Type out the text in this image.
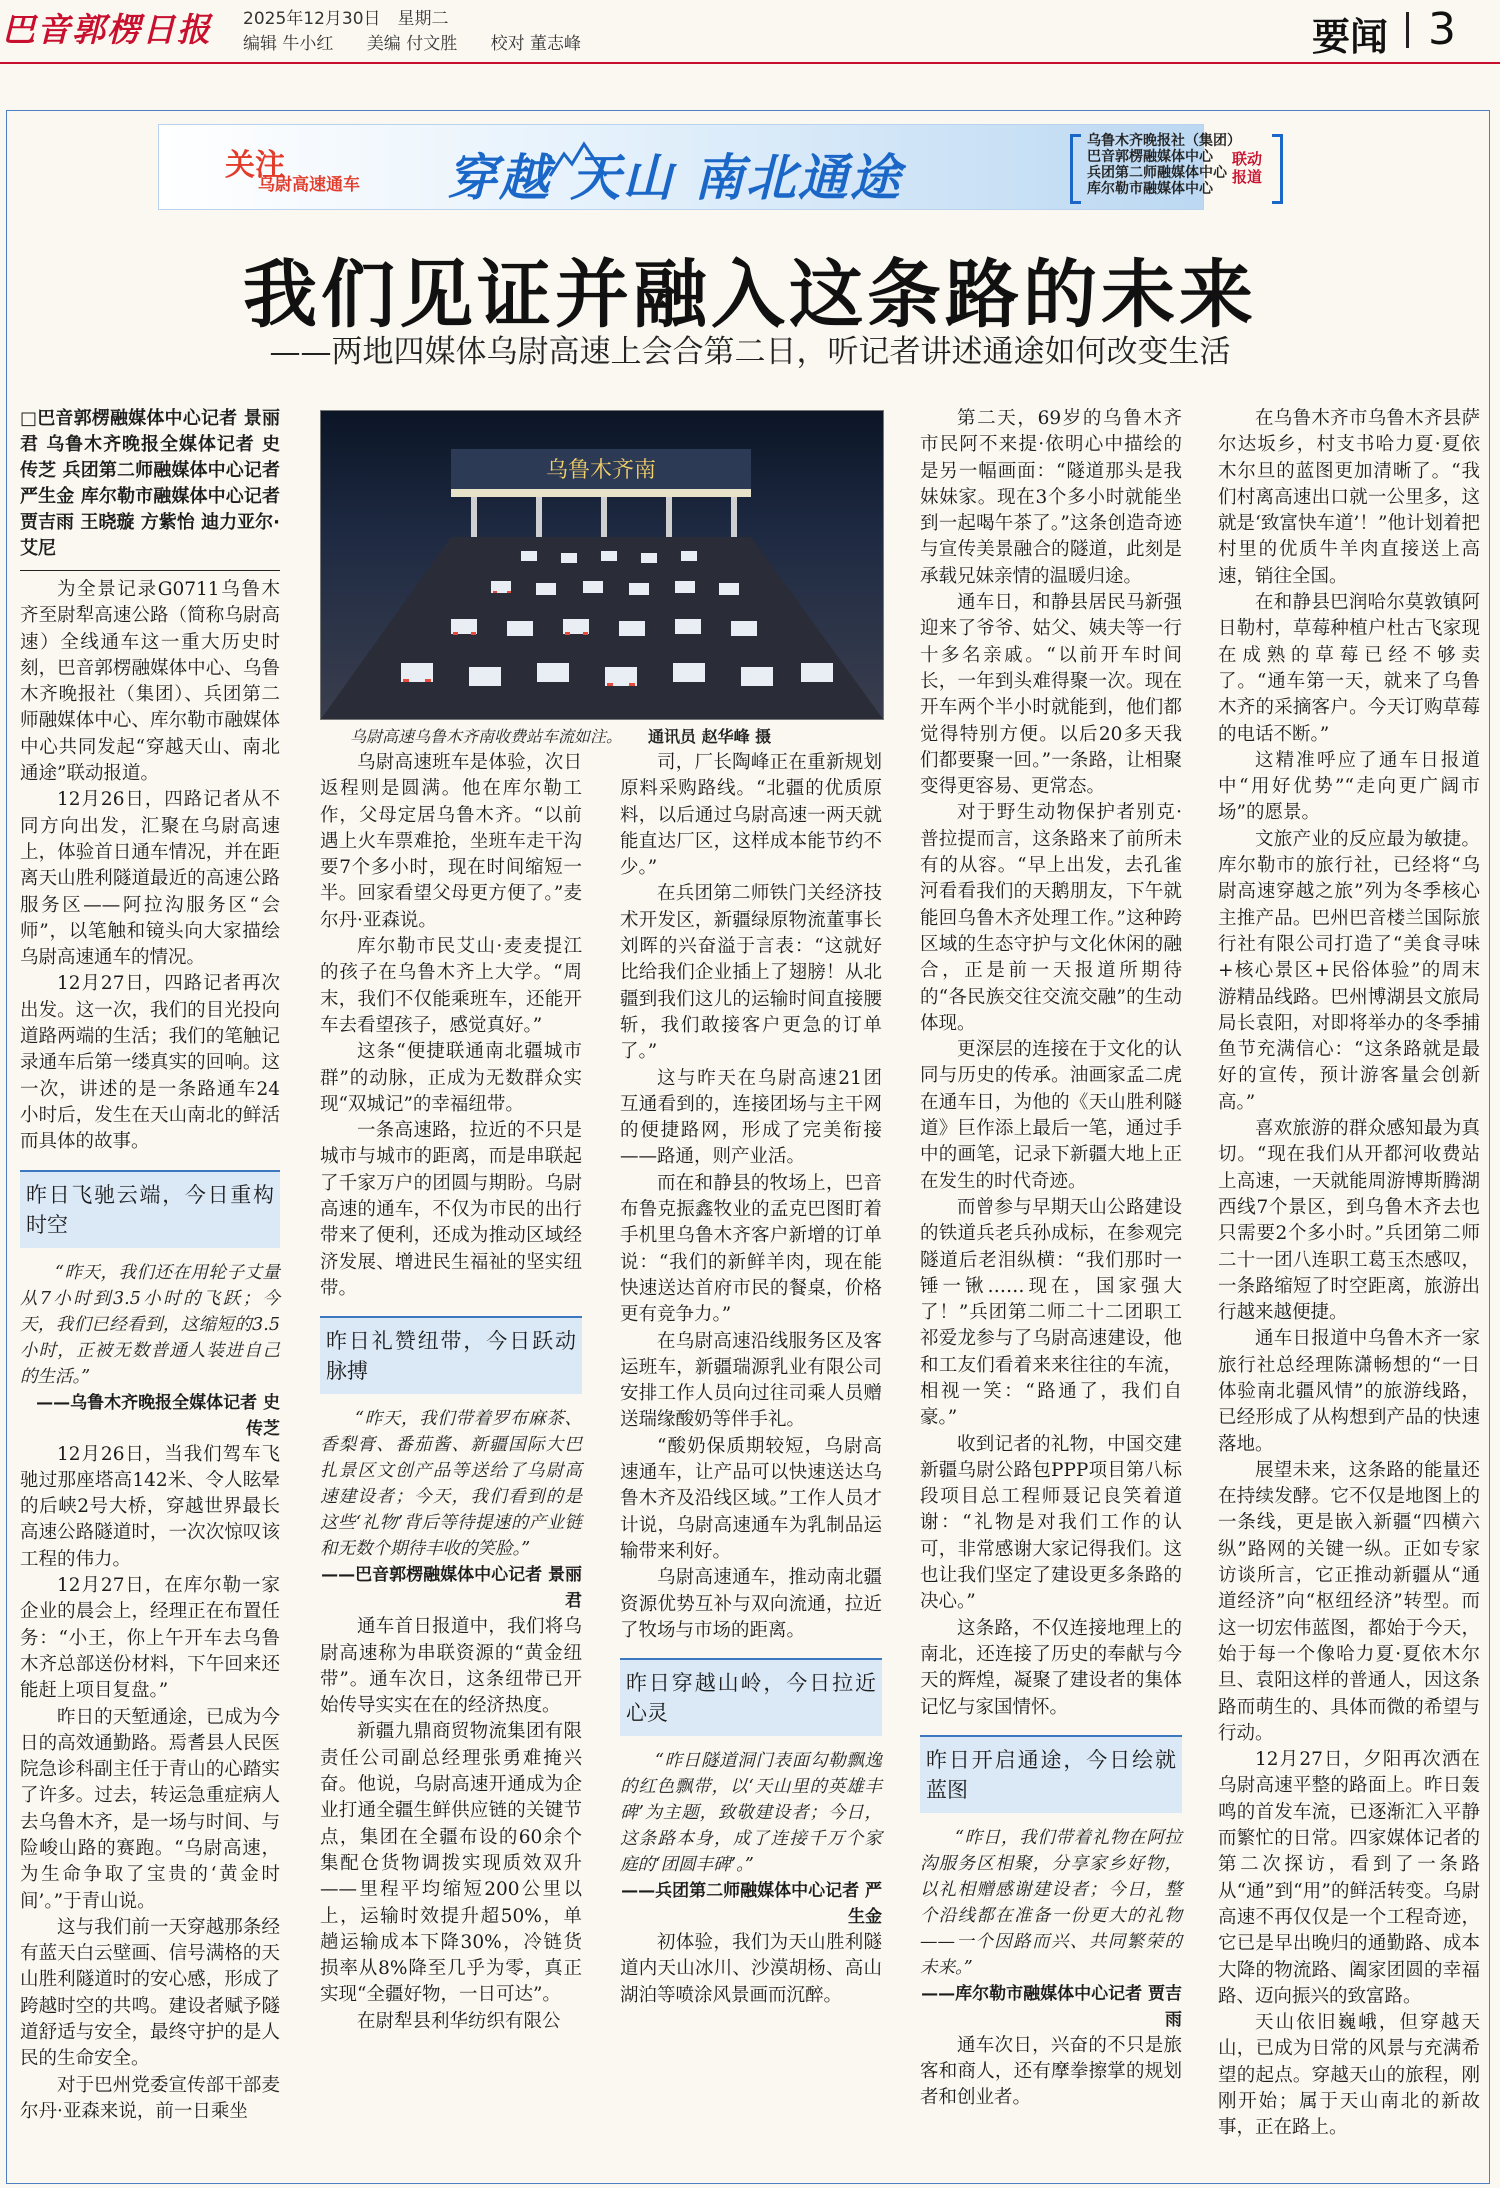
巴音郭楞日报 2025年12月30日　星期二
编辑 牛小红 美编 付文胜 校对 董志峰	要闻 3
关注
乌尉高速通车 穿越 天山 南北通途
乌鲁木齐晚报社（集团）
巴音郭楞融媒体中心
兵团第二师融媒体中心
库尔勒市融媒体中心
联动报道
我们见证并融入这条路的未来
——两地四媒体乌尉高速上会合第二日，听记者讲述通途如何改变生活
乌鲁木齐南
乌尉高速乌鲁木齐南收费站车流如注。 通讯员 赵华峰 摄
□巴音郭楞融媒体中心记者 景丽君 乌鲁木齐晚报全媒体记者 史传芝 兵团第二师融媒体中心记者 严生金 库尔勒市融媒体中心记者 贾吉雨 王晓璇 方紫怡 迪力亚尔·艾尼

为全景记录G0711乌鲁木齐至尉犁高速公路（简称乌尉高速）全线通车这一重大历史时刻，巴音郭楞融媒体中心、乌鲁木齐晚报社（集团）、兵团第二师融媒体中心、库尔勒市融媒体中心共同发起“穿越天山、南北通途”联动报道。

12月26日，四路记者从不同方向出发，汇聚在乌尉高速上，体验首日通车情况，并在距离天山胜利隧道最近的高速公路服务区——阿拉沟服务区“会师”，以笔触和镜头向大家描绘乌尉高速通车的情况。

12月27日，四路记者再次出发。这一次，我们的目光投向道路两端的生活；我们的笔触记录通车后第一缕真实的回响。这一次，讲述的是一条路通车24小时后，发生在天山南北的鲜活而具体的故事。

昨日飞驰云端，今日重构时空

“昨天，我们还在用轮子丈量从7小时到3.5小时的飞跃；今天，我们已经看到，这缩短的3.5小时，正被无数普通人装进自己的生活。”

——乌鲁木齐晚报全媒体记者 史传芝

12月26日，当我们驾车飞驰过那座塔高142米、令人眩晕的后峡2号大桥，穿越世界最长高速公路隧道时，一次次惊叹该工程的伟力。

12月27日，在库尔勒一家企业的晨会上，经理正在布置任务：“小王，你上午开车去乌鲁木齐总部送份材料，下午回来还能赶上项目复盘。”

昨日的天堑通途，已成为今日的高效通勤路。焉耆县人民医院急诊科副主任于青山的心踏实了许多。过去，转运急重症病人去乌鲁木齐，是一场与时间、与险峻山路的赛跑。“乌尉高速，为生命争取了宝贵的‘黄金时间’。”于青山说。

这与我们前一天穿越那条经有蓝天白云壁画、信号满格的天山胜利隧道时的安心感，形成了跨越时空的共鸣。建设者赋予隧道舒适与安全，最终守护的是人民的生命安全。

对于巴州党委宣传部干部麦尔丹·亚森来说，前一日乘坐

乌尉高速班车是体验，次日返程则是圆满。他在库尔勒工作，父母定居乌鲁木齐。“以前遇上火车票难抢，坐班车走干沟要7个多小时，现在时间缩短一半。回家看望父母更方便了。”麦尔丹·亚森说。

库尔勒市民艾山·麦麦提江的孩子在乌鲁木齐上大学。“周末，我们不仅能乘班车，还能开车去看望孩子，感觉真好。”

这条“便捷联通南北疆城市群”的动脉，正成为无数群众实现“双城记”的幸福纽带。

一条高速路，拉近的不只是城市与城市的距离，而是串联起了千家万户的团圆与期盼。乌尉高速的通车，不仅为市民的出行带来了便利，还成为推动区域经济发展、增进民生福祉的坚实纽带。

昨日礼赞纽带，今日跃动脉搏

“昨天，我们带着罗布麻茶、香梨膏、番茄酱、新疆国际大巴扎景区文创产品等送给了乌尉高速建设者；今天，我们看到的是这些‘礼物’背后等待提速的产业链和无数个期待丰收的笑脸。”

——巴音郭楞融媒体中心记者 景丽君

通车首日报道中，我们将乌尉高速称为串联资源的“黄金纽带”。通车次日，这条纽带已开始传导实实在在的经济热度。

新疆九鼎商贸物流集团有限责任公司副总经理张勇难掩兴奋。他说，乌尉高速开通成为企业打通全疆生鲜供应链的关键节点，集团在全疆布设的60余个集配仓货物调拨实现质效双升——里程平均缩短200公里以上，运输时效提升超50%，单趟运输成本下降30%，冷链货损率从8%降至几乎为零，真正实现“全疆好物，一日可达”。

在尉犁县利华纺织有限公

司，厂长陶峰正在重新规划原料采购路线。“北疆的优质原料，以后通过乌尉高速一两天就能直达厂区，这样成本能节约不少。”

在兵团第二师铁门关经济技术开发区，新疆绿原物流董事长刘晖的兴奋溢于言表：“这就好比给我们企业插上了翅膀！从北疆到我们这儿的运输时间直接腰斩，我们敢接客户更急的订单了。”

这与昨天在乌尉高速21团互通看到的，连接团场与主干网的便捷路网，形成了完美衔接——路通，则产业活。

而在和静县的牧场上，巴音布鲁克振鑫牧业的孟克巴图盯着手机里乌鲁木齐客户新增的订单说：“我们的新鲜羊肉，现在能快速送达首府市民的餐桌，价格更有竞争力。”

在乌尉高速沿线服务区及客运班车，新疆瑞源乳业有限公司安排工作人员向过往司乘人员赠送瑞缘酸奶等伴手礼。

“酸奶保质期较短，乌尉高速通车，让产品可以快速送达乌鲁木齐及沿线区域。”工作人员才计说，乌尉高速通车为乳制品运输带来利好。

乌尉高速通车，推动南北疆资源优势互补与双向流通，拉近了牧场与市场的距离。

昨日穿越山岭，今日拉近心灵

“昨日隧道洞门表面勾勒飘逸的红色飘带，以‘天山里的英雄丰碑’为主题，致敬建设者；今日，这条路本身，成了连接千万个家庭的‘团圆丰碑’。”

——兵团第二师融媒体中心记者 严生金

初体验，我们为天山胜利隧道内天山冰川、沙漠胡杨、高山湖泊等喷涂风景画而沉醉。

第二天，69岁的乌鲁木齐市民阿不来提·依明心中描绘的是另一幅画面：“隧道那头是我妹妹家。现在3个多小时就能坐到一起喝午茶了。”这条创造奇迹与宣传美景融合的隧道，此刻是承载兄妹亲情的温暖归途。

通车日，和静县居民马新强迎来了爷爷、姑父、姨夫等一行十多名亲戚。“以前开车时间长，一年到头难得聚一次。现在开车两个半小时就能到，他们都觉得特别方便。以后20多天我们都要聚一回。”一条路，让相聚变得更容易、更常态。

对于野生动物保护者别克·普拉提而言，这条路来了前所未有的从容。“早上出发，去孔雀河看看我们的天鹅朋友，下午就能回乌鲁木齐处理工作。”这种跨区域的生态守护与文化休闲的融合，正是前一天报道所期待的“各民族交往交流交融”的生动体现。

更深层的连接在于文化的认同与历史的传承。油画家孟二虎在通车日，为他的《天山胜利隧道》巨作添上最后一笔，通过手中的画笔，记录下新疆大地上正在发生的时代奇迹。

而曾参与早期天山公路建设的铁道兵老兵孙成标，在参观完隧道后老泪纵横：“我们那时一锤一锹……现在，国家强大了！”兵团第二师二十二团职工祁爱龙参与了乌尉高速建设，他和工友们看着来来往往的车流，相视一笑：“路通了，我们自豪。”

收到记者的礼物，中国交建新疆乌尉公路包PPP项目第八标段项目总工程师聂记良笑着道谢：“礼物是对我们工作的认可，非常感谢大家记得我们。这也让我们坚定了建设更多条路的决心。”

这条路，不仅连接地理上的南北，还连接了历史的奉献与今天的辉煌，凝聚了建设者的集体记忆与家国情怀。

昨日开启通途，今日绘就蓝图

“昨日，我们带着礼物在阿拉沟服务区相聚，分享家乡好物，以礼相赠感谢建设者；今日，整个沿线都在准备一份更大的礼物——一个因路而兴、共同繁荣的未来。”

——库尔勒市融媒体中心记者 贾吉雨

通车次日，兴奋的不只是旅客和商人，还有摩拳擦掌的规划者和创业者。

在乌鲁木齐市乌鲁木齐县萨尔达坂乡，村支书哈力夏·夏依木尔旦的蓝图更加清晰了。“我们村离高速出口就一公里多，这就是‘致富快车道’！”他计划着把村里的优质牛羊肉直接送上高速，销往全国。

在和静县巴润哈尔莫敦镇阿日勒村，草莓种植户杜古飞家现在成熟的草莓已经不够卖了。“通车第一天，就来了乌鲁木齐的采摘客户。今天订购草莓的电话不断。”

这精准呼应了通车日报道中“用好优势”“走向更广阔市场”的愿景。

文旅产业的反应最为敏捷。库尔勒市的旅行社，已经将“乌尉高速穿越之旅”列为冬季核心主推产品。巴州巴音楼兰国际旅行社有限公司打造了“美食寻味+核心景区+民俗体验”的周末游精品线路。巴州博湖县文旅局局长袁阳，对即将举办的冬季捕鱼节充满信心：“这条路就是最好的宣传，预计游客量会创新高。”

喜欢旅游的群众感知最为真切。“现在我们从开都河收费站上高速，一天就能周游博斯腾湖西线7个景区，到乌鲁木齐去也只需要2个多小时。”兵团第二师二十一团八连职工葛玉杰感叹，一条路缩短了时空距离，旅游出行越来越便捷。

通车日报道中乌鲁木齐一家旅行社总经理陈潇畅想的“一日体验南北疆风情”的旅游线路，已经形成了从构想到产品的快速落地。

展望未来，这条路的能量还在持续发酵。它不仅是地图上的一条线，更是嵌入新疆“四横六纵”路网的关键一纵。正如专家访谈所言，它正推动新疆从“通道经济”向“枢纽经济”转型。而这一切宏伟蓝图，都始于今天，始于每一个像哈力夏·夏依木尔旦、袁阳这样的普通人，因这条路而萌生的、具体而微的希望与行动。

12月27日，夕阳再次洒在乌尉高速平整的路面上。昨日轰鸣的首发车流，已逐渐汇入平静而繁忙的日常。四家媒体记者的第二次探访，看到了一条路从“通”到“用”的鲜活转变。乌尉高速不再仅仅是一个工程奇迹，它已是早出晚归的通勤路、成本大降的物流路、阖家团圆的幸福路、迈向振兴的致富路。

天山依旧巍峨，但穿越天山，已成为日常的风景与充满希望的起点。穿越天山的旅程，刚刚开始；属于天山南北的新故事，正在路上。
